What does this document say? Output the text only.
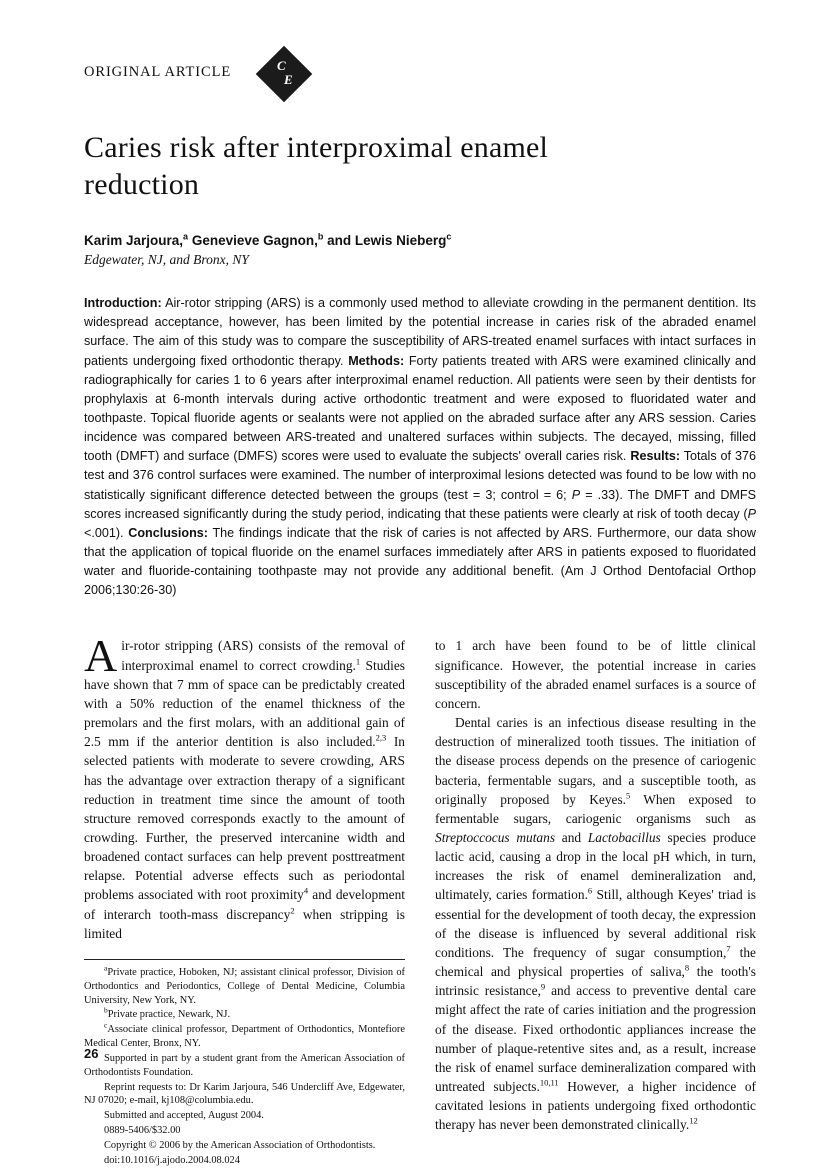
ORIGINAL ARTICLE	C
E
Caries risk after interproximal enamel reduction
Karim Jarjoura,$^a$ Genevieve Gagnon,$^b$ and Lewis Nieberg$^c$
Edgewater, NJ, and Bronx, NY
Introduction: Air-rotor stripping (ARS) is a commonly used method to alleviate crowding in the permanent dentition. Its widespread acceptance, however, has been limited by the potential increase in caries risk of the abraded enamel surface. The aim of this study was to compare the susceptibility of ARS-treated enamel surfaces with intact surfaces in patients undergoing fixed orthodontic therapy. Methods: Forty patients treated with ARS were examined clinically and radiographically for caries 1 to 6 years after interproximal enamel reduction. All patients were seen by their dentists for prophylaxis at 6-month intervals during active orthodontic treatment and were exposed to fluoridated water and toothpaste. Topical fluoride agents or sealants were not applied on the abraded surface after any ARS session. Caries incidence was compared between ARS-treated and unaltered surfaces within subjects. The decayed, missing, filled tooth (DMFT) and surface (DMFS) scores were used to evaluate the subjects' overall caries risk. Results: Totals of 376 test and 376 control surfaces were examined. The number of interproximal lesions detected was found to be low with no statistically significant difference detected between the groups (test = 3; control = 6; P = .33). The DMFT and DMFS scores increased significantly during the study period, indicating that these patients were clearly at risk of tooth decay (P <.001). Conclusions: The findings indicate that the risk of caries is not affected by ARS. Furthermore, our data show that the application of topical fluoride on the enamel surfaces immediately after ARS in patients exposed to fluoridated water and fluoride-containing toothpaste may not provide any additional benefit. (Am J Orthod Dentofacial Orthop 2006;130:26-30)

Air-rotor stripping (ARS) consists of the removal of interproximal enamel to correct crowding.$^1$ Studies have shown that 7 mm of space can be predictably created with a 50% reduction of the enamel thickness of the premolars and the first molars, with an additional gain of 2.5 mm if the anterior dentition is also included.$^{2,3}$ In selected patients with moderate to severe crowding, ARS has the advantage over extraction therapy of a significant reduction in treatment time since the amount of tooth structure removed corresponds exactly to the amount of crowding. Further, the preserved intercanine width and broadened contact surfaces can help prevent posttreatment relapse. Potential adverse effects such as periodontal problems associated with root proximity$^4$ and development of interarch tooth-mass discrepancy$^2$ when stripping is limited

$^a$Private practice, Hoboken, NJ; assistant clinical professor, Division of Orthodontics and Periodontics, College of Dental Medicine, Columbia University, New York, NY.

$^b$Private practice, Newark, NJ.

$^c$Associate clinical professor, Department of Orthodontics, Montefiore Medical Center, Bronx, NY.

Supported in part by a student grant from the American Association of Orthodontists Foundation.

Reprint requests to: Dr Karim Jarjoura, 546 Undercliff Ave, Edgewater, NJ 07020; e-mail, kj108@columbia.edu.

Submitted and accepted, August 2004.

0889-5406/$32.00

Copyright © 2006 by the American Association of Orthodontists.

doi:10.1016/j.ajodo.2004.08.024

to 1 arch have been found to be of little clinical significance. However, the potential increase in caries susceptibility of the abraded enamel surfaces is a source of concern.

Dental caries is an infectious disease resulting in the destruction of mineralized tooth tissues. The initiation of the disease process depends on the presence of cariogenic bacteria, fermentable sugars, and a susceptible tooth, as originally proposed by Keyes.$^5$ When exposed to fermentable sugars, cariogenic organisms such as Streptoccocus mutans and Lactobacillus species produce lactic acid, causing a drop in the local pH which, in turn, increases the risk of enamel demineralization and, ultimately, caries formation.$^6$ Still, although Keyes' triad is essential for the development of tooth decay, the expression of the disease is influenced by several additional risk conditions. The frequency of sugar consumption,$^7$ the chemical and physical properties of saliva,$^8$ the tooth's intrinsic resistance,$^9$ and access to preventive dental care might affect the rate of caries initiation and the progression of the disease. Fixed orthodontic appliances increase the number of plaque-retentive sites and, as a result, increase the risk of enamel surface demineralization compared with untreated subjects.$^{10,11}$ However, a higher incidence of cavitated lesions in patients undergoing fixed orthodontic therapy has never been demonstrated clinically.$^{12}$

26
